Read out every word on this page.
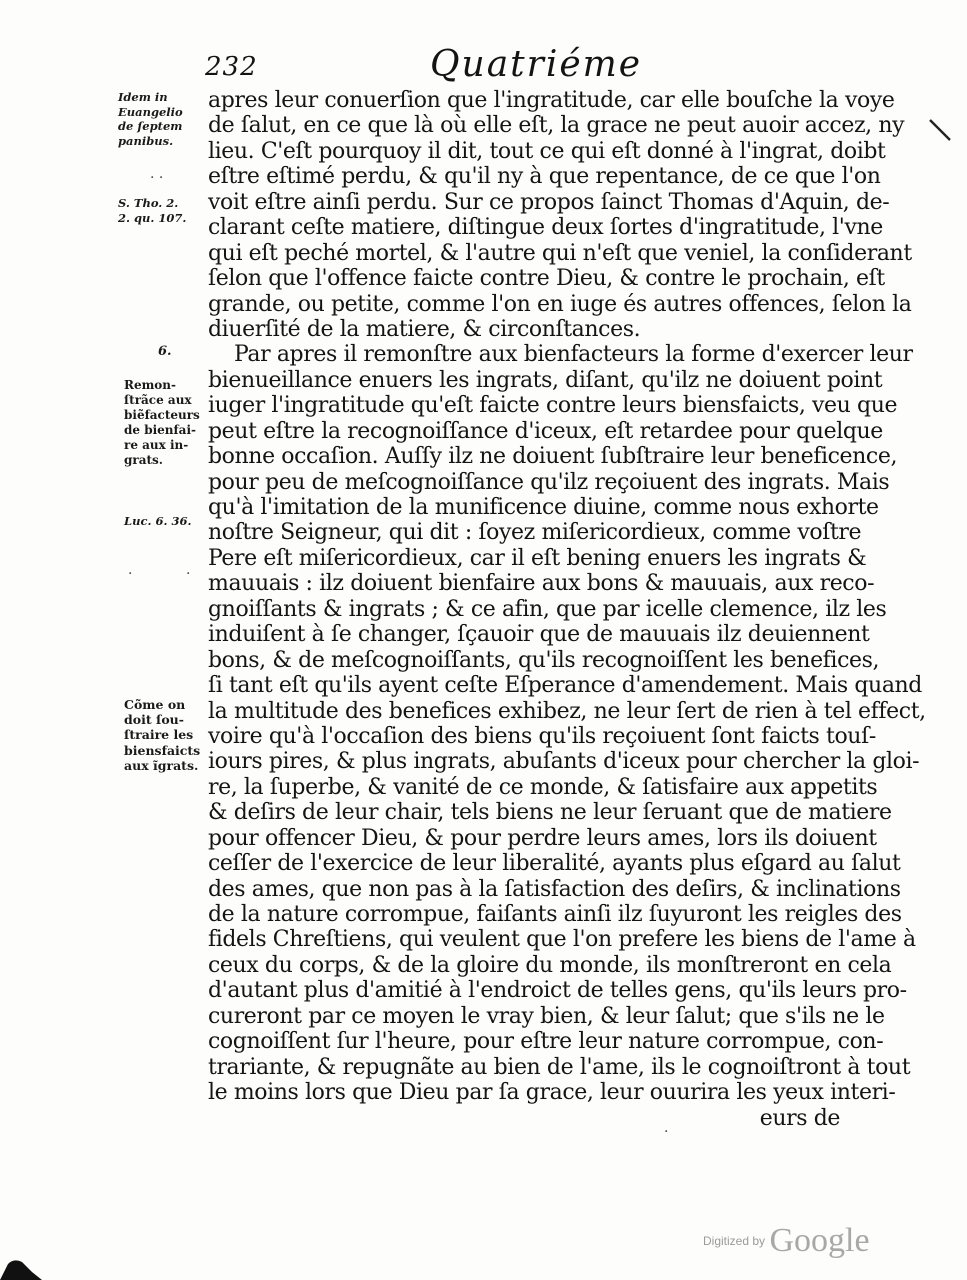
232	Quatriéme
Idem in
Euangelio
de ſeptem
panibus.
S. Tho. 2.
2. qu. 107.
6.
Remon-
ſtrãce aux
biẽfacteurs
de bienfai-
re aux in-
grats.
Luc. 6. 36.
Cõme on
doit ſou-
ſtraire les
biensfaicts
aux ĩgrats.
· ·
·	·
·
apres leur conuerſion que l'ingratitude, car elle bouſche la voye
de ſalut, en ce que là où elle eſt, la grace ne peut auoir accez, ny
lieu. C'eſt pourquoy il dit, tout ce qui eſt donné à l'ingrat, doibt
eſtre eſtimé perdu, & qu'il ny à que repentance, de ce que l'on
voit eſtre ainſi perdu. Sur ce propos ſainct Thomas d'Aquin, de-
clarant ceſte matiere, diſtingue deux ſortes d'ingratitude, l'vne
qui eſt peché mortel, & l'autre qui n'eſt que veniel, la conſiderant
ſelon que l'offence faicte contre Dieu, & contre le prochain, eſt
grande, ou petite, comme l'on en iuge és autres offences, ſelon la
diuerſité de la matiere, & circonſtances.
Par apres il remonſtre aux bienfacteurs la forme d'exercer leur
bienueillance enuers les ingrats, diſant, qu'ilz ne doiuent point
iuger l'ingratitude qu'eſt faicte contre leurs biensfaicts, veu que
peut eſtre la recognoiſſance d'iceux, eſt retardee pour quelque
bonne occaſion. Auſſy ilz ne doiuent ſubſtraire leur beneficence,
pour peu de meſcognoiſſance qu'ilz reçoiuent des ingrats. Mais
qu'à l'imitation de la munificence diuine, comme nous exhorte
noſtre Seigneur, qui dit : ſoyez miſericordieux, comme voſtre
Pere eſt miſericordieux, car il eſt bening enuers les ingrats &
mauuais : ilz doiuent bienfaire aux bons & mauuais, aux reco-
gnoiſſants & ingrats ; & ce afin, que par icelle clemence, ilz les
induiſent à ſe changer, ſçauoir que de mauuais ilz deuiennent
bons, & de meſcognoiſſants, qu'ils recognoiſſent les benefices,
ſi tant eſt qu'ils ayent ceſte Eſperance d'amendement. Mais quand
la multitude des benefices exhibez, ne leur ſert de rien à tel effect,
voire qu'à l'occaſion des biens qu'ils reçoiuent ſont faicts touſ-
iours pires, & plus ingrats, abuſants d'iceux pour chercher la gloi-
re, la ſuperbe, & vanité de ce monde, & ſatisfaire aux appetits
& deſirs de leur chair, tels biens ne leur ſeruant que de matiere
pour offencer Dieu, & pour perdre leurs ames, lors ils doiuent
ceſſer de l'exercice de leur liberalité, ayants plus eſgard au ſalut
des ames, que non pas à la ſatisfaction des deſirs, & inclinations
de la nature corrompue, faiſants ainſi ilz ſuyuront les reigles des
fidels Chreſtiens, qui veulent que l'on prefere les biens de l'ame à
ceux du corps, & de la gloire du monde, ils monſtreront en cela
d'autant plus d'amitié à l'endroict de telles gens, qu'ils leurs pro-
cureront par ce moyen le vray bien, & leur ſalut; que s'ils ne le
cognoiſſent ſur l'heure, pour eſtre leur nature corrompue, con-
trariante, & repugnãte au bien de l'ame, ils le cognoiſtront à tout
le moins lors que Dieu par ſa grace, leur ouurira les yeux interi-
eurs de
Digitized by Google
